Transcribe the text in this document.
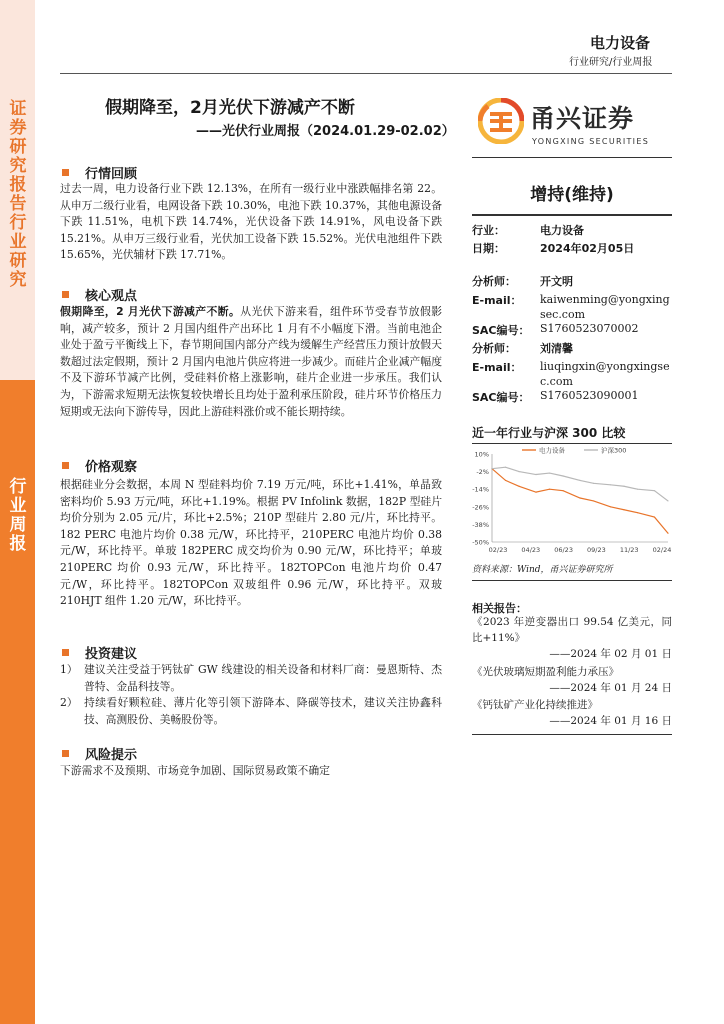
证券研究报告 行业研究
行业周报
电力设备
行业研究/行业周报
假期降至，2月光伏下游减产不断
——光伏行业周报（2024.01.29-02.02）	甬兴证券
YONGXING SECURITIES
行情回顾
过去一周，电力设备行业下跌 12.13%，在所有一级行业中涨跌幅排名第 22。从申万二级行业看，电网设备下跌 10.30%，电池下跌 10.37%，其他电源设备下跌 11.51%，电机下跌 14.74%，光伏设备下跌 14.91%，风电设备下跌 15.21%。从申万三级行业看，光伏加工设备下跌 15.52%。光伏电池组件下跌 15.65%，光伏辅材下跌 17.71%。
核心观点
假期降至，2 月光伏下游减产不断。从光伏下游来看，组件环节受春节放假影响，减产较多，预计 2 月国内组件产出环比 1 月有不小幅度下滑。当前电池企业处于盈亏平衡线上下，春节期间国内部分产线为缓解生产经营压力预计放假天数超过法定假期，预计 2 月国内电池片供应将进一步减少。而硅片企业减产幅度不及下游环节减产比例，受硅料价格上涨影响，硅片企业进一步承压。我们认为，下游需求短期无法恢复较快增长且均处于盈利承压阶段，硅片环节价格压力短期或无法向下游传导，因此上游硅料涨价或不能长期持续。
价格观察
根据硅业分会数据，本周 N 型硅料均价 7.19 万元/吨，环比+1.41%，单晶致密料均价 5.93 万元/吨，环比+1.19%。根据 PV Infolink 数据，182P 型硅片均价分别为 2.05 元/片，环比+2.5%；210P 型硅片 2.80 元/片，环比持平。182 PERC 电池片均价 0.38 元/W，环比持平，210PERC 电池片均价 0.38 元/W，环比持平。单玻 182PERC 成交均价为 0.90 元/W，环比持平；单玻 210PERC 均价 0.93 元/W，环比持平。182TOPCon 电池片均价 0.47 元/W，环比持平。182TOPCon 双玻组件 0.96 元/W，环比持平。双玻 210HJT 组件 1.20 元/W，环比持平。
投资建议
1） 建议关注受益于钙钛矿 GW 线建设的相关设备和材料厂商：曼恩斯特、杰普特、金晶科技等。
2） 持续看好颗粒硅、薄片化等引领下游降本、降碳等技术，建议关注协鑫科技、高测股份、美畅股份等。
风险提示
下游需求不及预期、市场竞争加剧、国际贸易政策不确定
增持(维持)
行业：	电力设备
日期：	2024年02月05日
分析师： 开文明
E-mail： kaiwenming@yongxingsec.com
SAC编号： S1760523070002
分析师： 刘清馨
E-mail： liuqingxin@yongxingsec.com
SAC编号： S1760523090001
近一年行业与沪深 300 比较
10%
-2%
-14%
-26%
-38%
-50%
02/23 04/23 06/23 09/23 11/23 02/24
电力设备	沪深300
资料来源：Wind，甬兴证券研究所
相关报告：
《2023 年逆变器出口 99.54 亿美元，同比+11%》
——2024 年 02 月 01 日
《光伏玻璃短期盈利能力承压》
——2024 年 01 月 24 日
《钙钛矿产业化持续推进》
——2024 年 01 月 16 日
